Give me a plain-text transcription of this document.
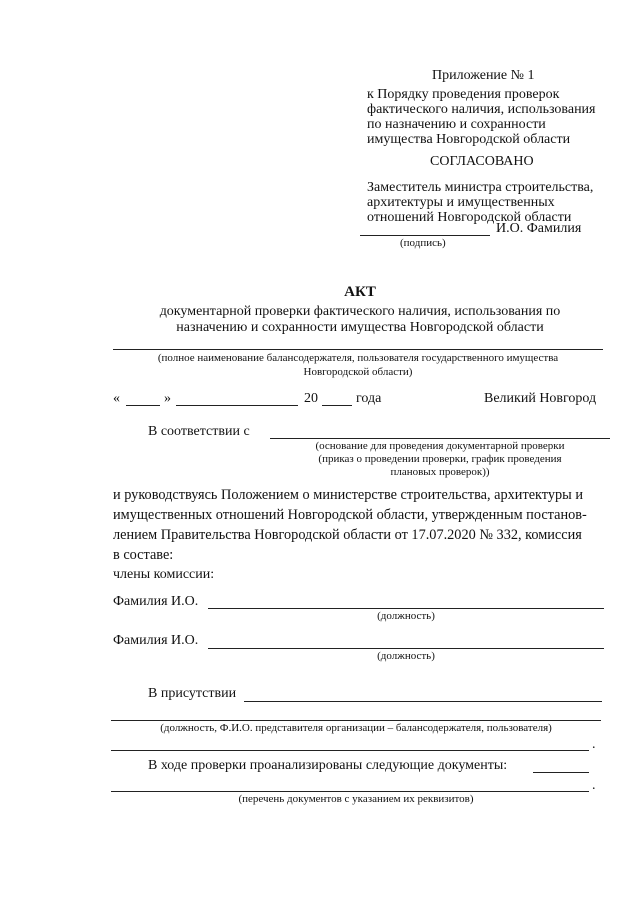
Приложение № 1
к Порядку проведения проверок
фактического наличия, использования
по назначению и сохранности
имущества Новгородской области
СОГЛАСОВАНО
Заместитель министра строительства,
архитектуры и имущественных
отношений Новгородской области
И.О. Фамилия
(подпись)
АКТ
документарной проверки фактического наличия, использования по
назначению и сохранности имущества Новгородской области
(полное наименование балансодержателя, пользователя государственного имущества
Новгородской области)
«	»	20	года	Великий Новгород
В соответствии с
(основание для проведения документарной проверки
(приказ о проведении проверки, график проведения
плановых проверок))
и руководствуясь Положением о министерстве строительства, архитектуры и
имущественных отношений Новгородской области, утвержденным постанов-
лением Правительства Новгородской области от 17.07.2020 № 332, комиссия
в составе:
члены комиссии:
Фамилия И.О.
(должность)
Фамилия И.О.
(должность)
В присутствии
(должность, Ф.И.О. представителя организации – балансодержателя, пользователя)
.
В ходе проверки проанализированы следующие документы:
.
(перечень документов с указанием их реквизитов)
